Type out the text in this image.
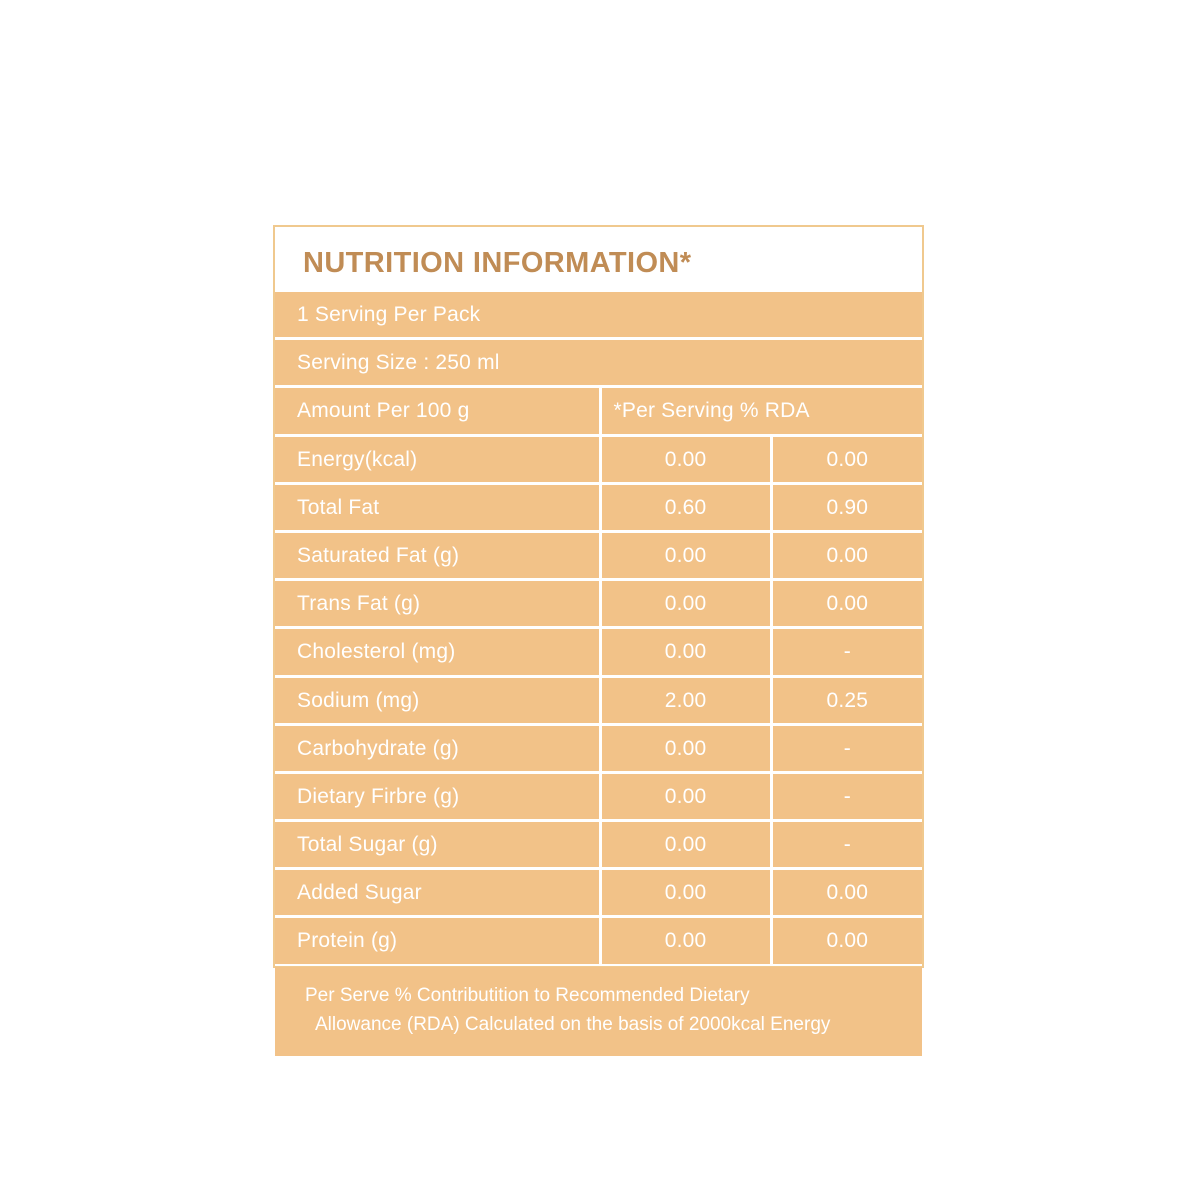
NUTRITION INFORMATION*
1 Serving Per Pack
Serving Size : 250 ml
Amount Per 100 g	*Per Serving % RDA
Energy(kcal)	0.00	0.00
Total Fat	0.60	0.90
Saturated Fat (g)	0.00	0.00
Trans Fat (g)	0.00	0.00
Cholesterol (mg)	0.00	-
Sodium (mg)	2.00	0.25
Carbohydrate (g)	0.00	-
Dietary Firbre (g)	0.00	-
Total Sugar (g)	0.00	-
Added Sugar	0.00	0.00
Protein (g)	0.00	0.00
Per Serve % Contributition to Recommended Dietary
Allowance (RDA) Calculated on the basis of 2000kcal Energy
